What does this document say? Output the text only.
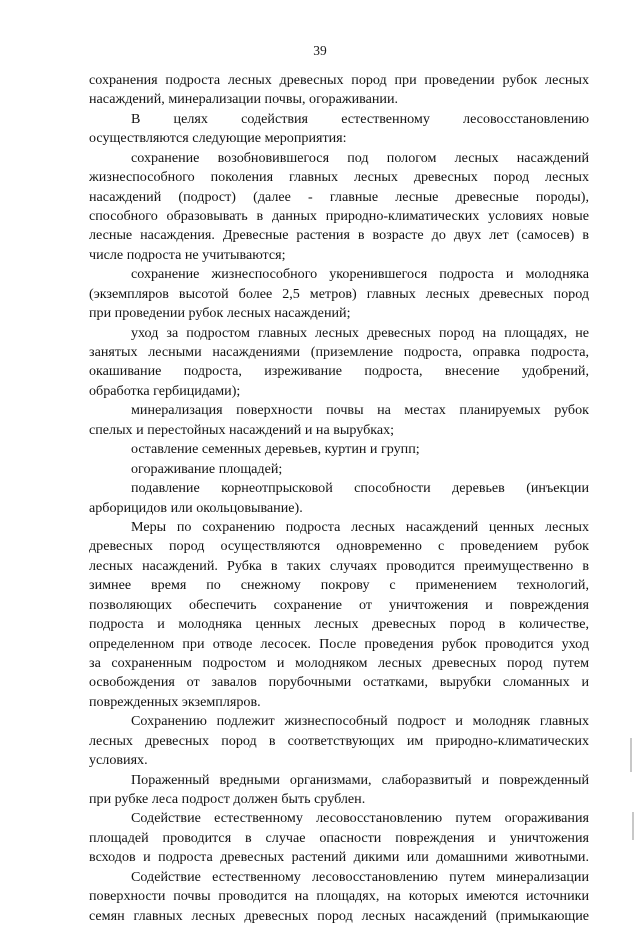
39
сохранения подроста лесных древесных пород при проведении рубок лесных
насаждений, минерализации почвы, огораживании.
В целях содействия естественному лесовосстановлению
осуществляются следующие мероприятия:
сохранение возобновившегося под пологом лесных насаждений
жизнеспособного поколения главных лесных древесных пород лесных
насаждений (подрост) (далее - главные лесные древесные породы),
способного образовывать в данных природно-климатических условиях новые
лесные насаждения. Древесные растения в возрасте до двух лет (самосев) в
числе подроста не учитываются;
сохранение жизнеспособного укоренившегося подроста и молодняка
(экземпляров высотой более 2,5 метров) главных лесных древесных пород
при проведении рубок лесных насаждений;
уход за подростом главных лесных древесных пород на площадях, не
занятых лесными насаждениями (приземление подроста, оправка подроста,
окашивание подроста, изреживание подроста, внесение удобрений,
обработка гербицидами);
минерализация поверхности почвы на местах планируемых рубок
спелых и перестойных насаждений и на вырубках;
оставление семенных деревьев, куртин и групп;
огораживание площадей;
подавление корнеотпрысковой способности деревьев (инъекции
арборицидов или окольцовывание).
Меры по сохранению подроста лесных насаждений ценных лесных
древесных пород осуществляются одновременно с проведением рубок
лесных насаждений. Рубка в таких случаях проводится преимущественно в
зимнее время по снежному покрову с применением технологий,
позволяющих обеспечить сохранение от уничтожения и повреждения
подроста и молодняка ценных лесных древесных пород в количестве,
определенном при отводе лесосек. После проведения рубок проводится уход
за сохраненным подростом и молодняком лесных древесных пород путем
освобождения от завалов порубочными остатками, вырубки сломанных и
поврежденных экземпляров.
Сохранению подлежит жизнеспособный подрост и молодняк главных
лесных древесных пород в соответствующих им природно-климатических
условиях.
Пораженный вредными организмами, слаборазвитый и поврежденный
при рубке леса подрост должен быть срублен.
Содействие естественному лесовосстановлению путем огораживания
площадей проводится в случае опасности повреждения и уничтожения
всходов и подроста древесных растений дикими или домашними животными.
Содействие естественному лесовосстановлению путем минерализации
поверхности почвы проводится на площадях, на которых имеются источники
семян главных лесных древесных пород лесных насаждений (примыкающие
